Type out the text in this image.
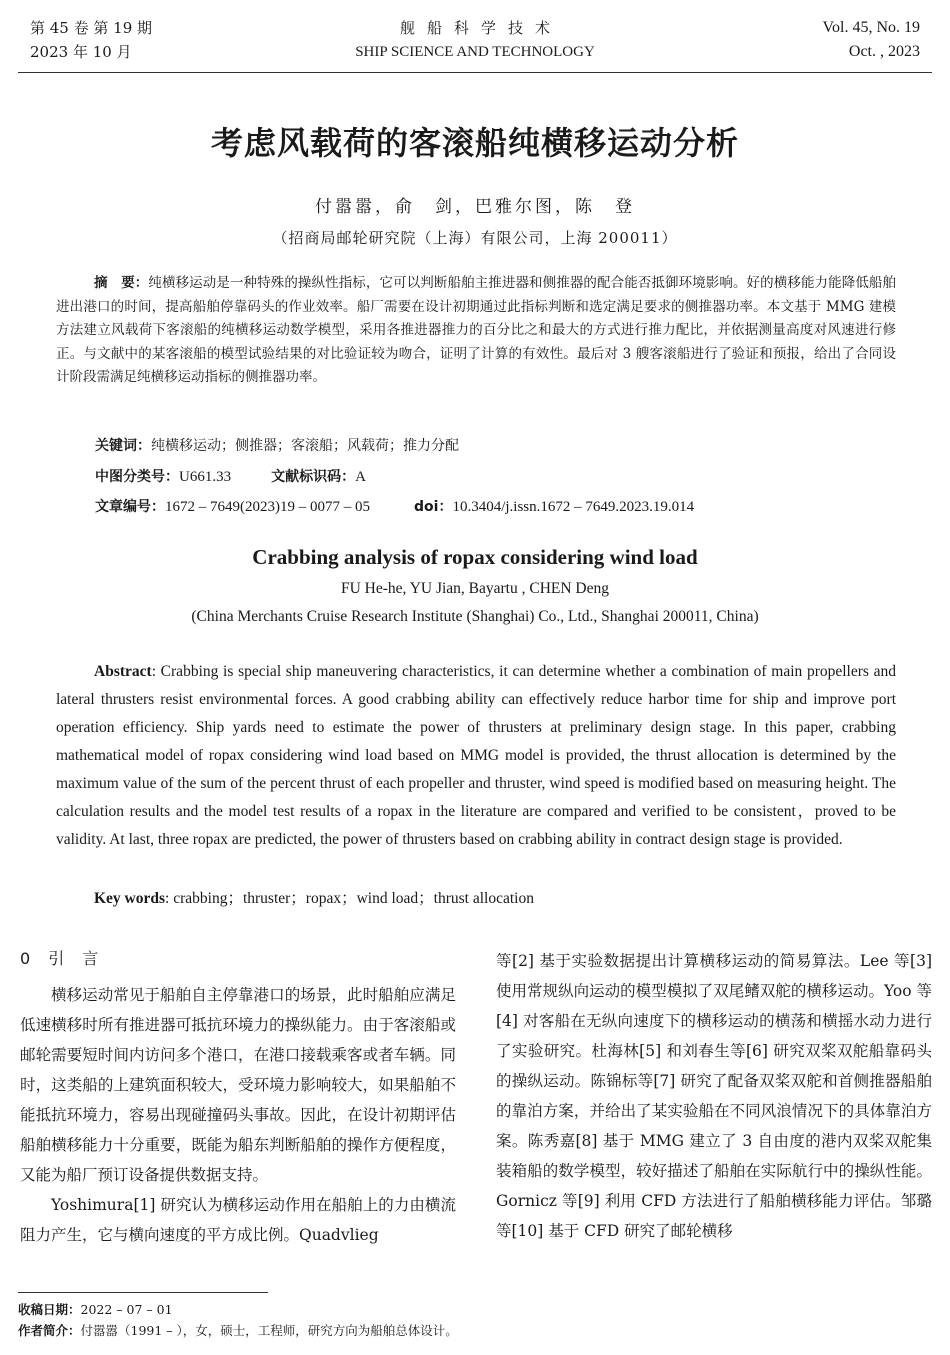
第 45 卷 第 19 期
2023 年 10 月
舰船科学技术
SHIP SCIENCE AND TECHNOLOGY
Vol. 45, No. 19
Oct. , 2023
考虑风载荷的客滚船纯横移运动分析
付嚣嚣，俞　剑，巴雅尔图，陈　登
（招商局邮轮研究院（上海）有限公司，上海 200011）
摘　要：纯横移运动是一种特殊的操纵性指标，它可以判断船舶主推进器和侧推器的配合能否抵御环境影响。好的横移能力能降低船舶进出港口的时间，提高船舶停靠码头的作业效率。船厂需要在设计初期通过此指标判断和选定满足要求的侧推器功率。本文基于 MMG 建模方法建立风载荷下客滚船的纯横移运动数学模型，采用各推进器推力的百分比之和最大的方式进行推力配比，并依据测量高度对风速进行修正。与文献中的某客滚船的模型试验结果的对比验证较为吻合，证明了计算的有效性。最后对 3 艘客滚船进行了验证和预报，给出了合同设计阶段需满足纯横移运动指标的侧推器功率。
关键词：纯横移运动；侧推器；客滚船；风载荷；推力分配
中图分类号：U661.33	文献标识码：A
文章编号：1672 – 7649(2023)19 – 0077 – 05	doi：10.3404/j.issn.1672 – 7649.2023.19.014
Crabbing analysis of ropax considering wind load
FU He-he, YU Jian, Bayartu , CHEN Deng
(China Merchants Cruise Research Institute (Shanghai) Co., Ltd., Shanghai 200011, China)
Abstract: Crabbing is special ship maneuvering characteristics, it can determine whether a combination of main propellers and lateral thrusters resist environmental forces. A good crabbing ability can effectively reduce harbor time for ship and improve port operation efficiency. Ship yards need to estimate the power of thrusters at preliminary design stage. In this paper, crabbing mathematical model of ropax considering wind load based on MMG model is provided, the thrust allocation is determined by the maximum value of the sum of the percent thrust of each propeller and thruster, wind speed is modified based on measuring height. The calculation results and the model test results of a ropax in the literature are compared and verified to be consistent，proved to be validity. At last, three ropax are predicted, the power of thrusters based on crabbing ability in contract design stage is provided.
Key words: crabbing；thruster；ropax；wind load；thrust allocation
0引言

横移运动常见于船舶自主停靠港口的场景，此时船舶应满足低速横移时所有推进器可抵抗环境力的操纵能力。由于客滚船或邮轮需要短时间内访问多个港口，在港口接载乘客或者车辆。同时，这类船的上建筑面积较大，受环境力影响较大，如果船舶不能抵抗环境力，容易出现碰撞码头事故。因此，在设计初期评估船舶横移能力十分重要，既能为船东判断船舶的操作方便程度，又能为船厂预订设备提供数据支持。

Yoshimura[1] 研究认为横移运动作用在船舶上的力由横流阻力产生，它与横向速度的平方成比例。Quadvlieg

等[2] 基于实验数据提出计算横移运动的简易算法。Lee 等[3] 使用常规纵向运动的模型模拟了双尾鳍双舵的横移运动。Yoo 等[4] 对客船在无纵向速度下的横移运动的横荡和横摇水动力进行了实验研究。杜海林[5] 和刘春生等[6] 研究双桨双舵船靠码头的操纵运动。陈锦标等[7] 研究了配备双桨双舵和首侧推器船舶的靠泊方案，并给出了某实验船在不同风浪情况下的具体靠泊方案。陈秀嘉[8] 基于 MMG 建立了 3 自由度的港内双桨双舵集装箱船的数学模型，较好描述了船舶在实际航行中的操纵性能。Gornicz 等[9] 利用 CFD 方法进行了船舶横移能力评估。邹璐等[10] 基于 CFD 研究了邮轮横移

收稿日期：2022 – 07 – 01
作者简介：付嚣嚣（1991 – ），女，硕士，工程师，研究方向为船舶总体设计。
